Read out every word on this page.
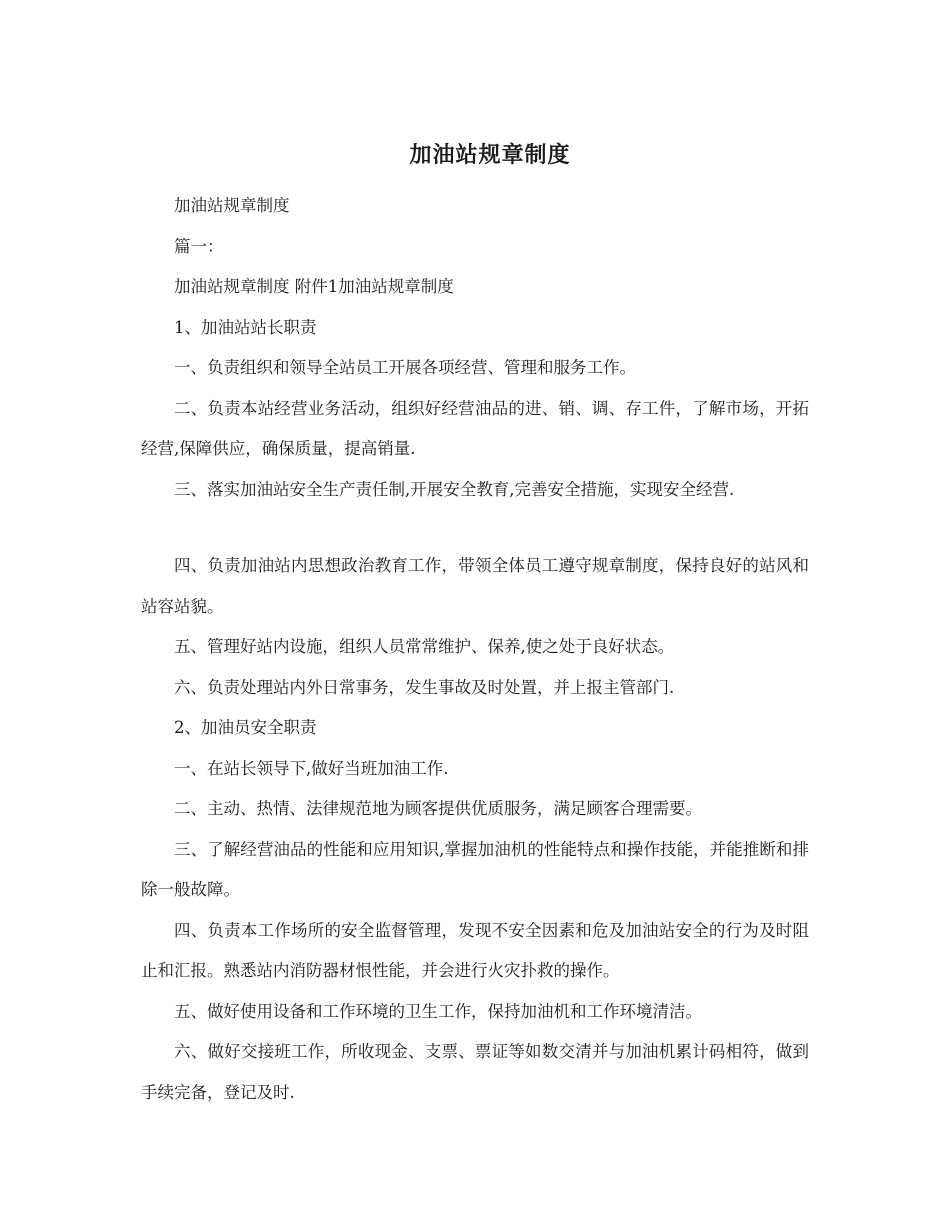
加油站规章制度

加油站规章制度

篇一：

加油站规章制度 附件1加油站规章制度

1、加油站站长职责

一、负责组织和领导全站员工开展各项经营、管理和服务工作。

二、负责本站经营业务活动，组织好经营油品的进、销、调、存工件，了解市场，开拓经营,保障供应，确保质量，提高销量.

三、落实加油站安全生产责任制,开展安全教育,完善安全措施，实现安全经营.

四、负责加油站内思想政治教育工作，带领全体员工遵守规章制度，保持良好的站风和站容站貌。

五、管理好站内设施，组织人员常常维护、保养,使之处于良好状态。

六、负责处理站内外日常事务，发生事故及时处置，并上报主管部门.

2、加油员安全职责

一、在站长领导下,做好当班加油工作.

二、主动、热情、法律规范地为顾客提供优质服务，满足顾客合理需要。

三、了解经营油品的性能和应用知识,掌握加油机的性能特点和操作技能，并能推断和排除一般故障。

四、负责本工作场所的安全监督管理，发现不安全因素和危及加油站安全的行为及时阻止和汇报。熟悉站内消防器材恨性能，并会进行火灾扑救的操作。

五、做好使用设备和工作环境的卫生工作，保持加油机和工作环境清洁。

六、做好交接班工作，所收现金、支票、票证等如数交清并与加油机累计码相符，做到手续完备，登记及时.
